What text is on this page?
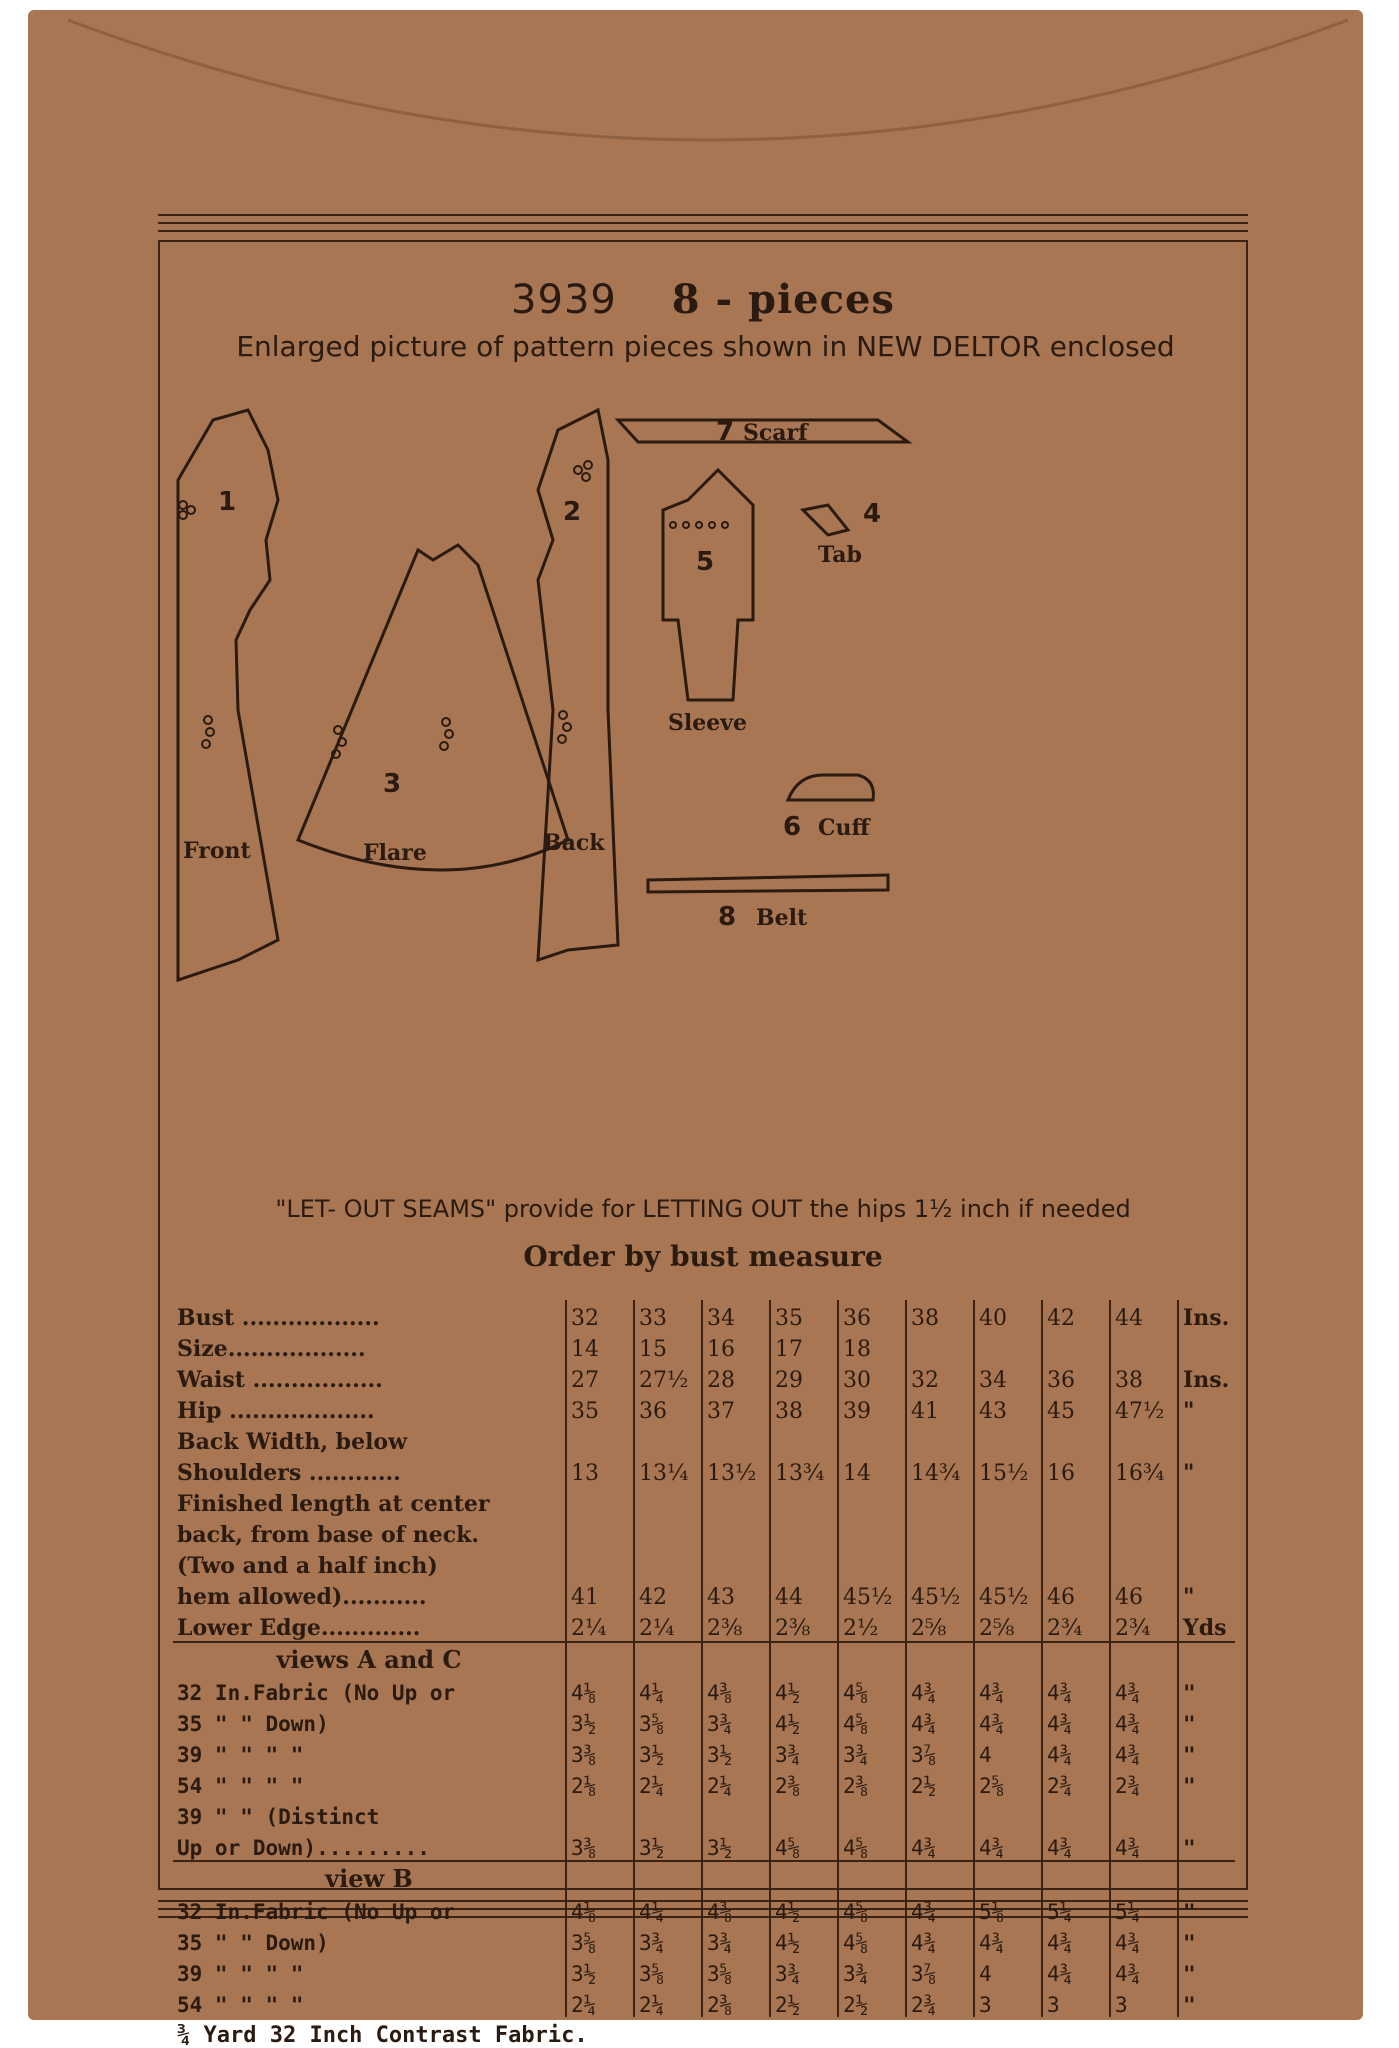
3939 8 - pieces
Enlarged picture of pattern pieces shown in NEW DELTOR enclosed
1
Front
2
Back
3
Flare
4
Tab
5
Sleeve
6 Cuff
7 Scarf
8 Belt
"LET- OUT SEAMS" provide for LETTING OUT the hips 1½ inch if needed
Order by bust measure
Bust ..................	32	33	34	35	36	38	40	42	44	Ins.
Size..................	14	15	16	17	18					
Waist .................	27	27½	28	29	30	32	34	36	38	Ins.
Hip ...................	35	36	37	38	39	41	43	45	47½	"
Back Width, below										
Shoulders ............	13	13¼	13½	13¾	14	14¾	15½	16	16¾	"
Finished length at center										
back, from base of neck.										
(Two and a half inch)										
hem allowed)...........	41	42	43	44	45½	45½	45½	46	46	"
Lower Edge.............	2¼	2¼	2⅜	2⅜	2½	2⅝	2⅝	2¾	2¾	Yds
views A and C										
32 In.Fabric (No Up or	4⅛	4¼	4⅜	4½	4⅝	4¾	4¾	4¾	4¾	"
35 " " Down)	3½	3⅝	3¾	4½	4⅝	4¾	4¾	4¾	4¾	"
39 " " " "	3⅜	3½	3½	3¾	3¾	3⅞	4	4¾	4¾	"
54 " " " "	2⅛	2¼	2¼	2⅜	2⅜	2½	2⅝	2¾	2¾	"
39 " " (Distinct										
Up or Down).........	3⅜	3½	3½	4⅝	4⅝	4¾	4¾	4¾	4¾	"
view B										
32 In.Fabric (No Up or	4⅛	4¼	4⅜	4½	4⅝	4¾	5⅛	5¼	5¼	"
35 " " Down)	3⅝	3¾	3¾	4½	4⅝	4¾	4¾	4¾	4¾	"
39 " " " "	3½	3⅝	3⅝	3¾	3¾	3⅞	4	4¾	4¾	"
54 " " " "	2¼	2¼	2⅜	2½	2½	2¾	3	3	3	"
¾ Yard 32 Inch Contrast Fabric.										
